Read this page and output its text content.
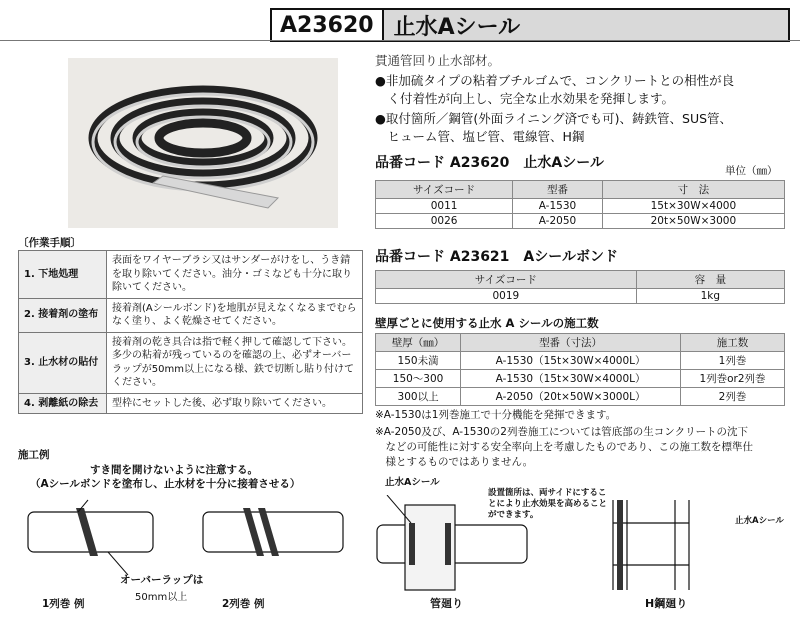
A23620 止水Aシール
〔作業手順〕
1. 下地処理	表面をワイヤーブラシ又はサンダーがけをし、うき錆を取り除いてください。油分・ゴミなども十分に取り除いてください。
2. 接着剤の塗布	接着剤(Aシールボンド)を地肌が見えなくなるまでむらなく塗り、よく乾燥させてください。
3. 止水材の貼付	接着剤の乾き具合は指で軽く押して確認して下さい。多少の粘着が残っているのを確認の上、必ずオーバーラップが50mm以上になる様、鉄で切断し貼り付けてください。
4. 剥離紙の除去	型枠にセットした後、必ず取り除いてください。
施工例
すき間を開けないように注意する。
（Aシールボンドを塗布し、止水材を十分に接着させる）
オーバーラップは
50mm以上
1列巻 例	2列巻 例
貫通管回り止水部材。
●非加硫タイプの粘着ブチルゴムで、コンクリートとの相性が良
　く付着性が向上し、完全な止水効果を発揮します。
●取付箇所／鋼管(外面ライニング済でも可)、鋳鉄管、SUS管、
　ヒューム管、塩ビ管、電線管、H鋼
品番コード A23620　止水Aシール	単位（㎜）
サイズコード	型番	寸　法
0011	A-1530	15t×30W×4000
0026	A-2050	20t×50W×3000
品番コード A23621　Aシールボンド
サイズコード	容　量
0019	1kg
壁厚ごとに使用する止水 A シールの施工数
壁厚（㎜）	型番（寸法）	施工数
150未満	A-1530（15t×30W×4000L）	1列巻
150〜300	A-1530（15t×30W×4000L）	1列巻or2列巻
300以上	A-2050（20t×50W×3000L）	2列巻
※A-1530は1列巻施工で十分機能を発揮できます。
※A-2050及び、A-1530の2列巻施工については管底部の生コンクリートの沈下
　などの可能性に対する安全率向上を考慮したものであり、この施工数を標準仕
　様とするものではありません。
止水Aシール
設置箇所は、両サイドにすることにより止水効果を高めることができます。
止水Aシール
管廻り	H鋼廻り
